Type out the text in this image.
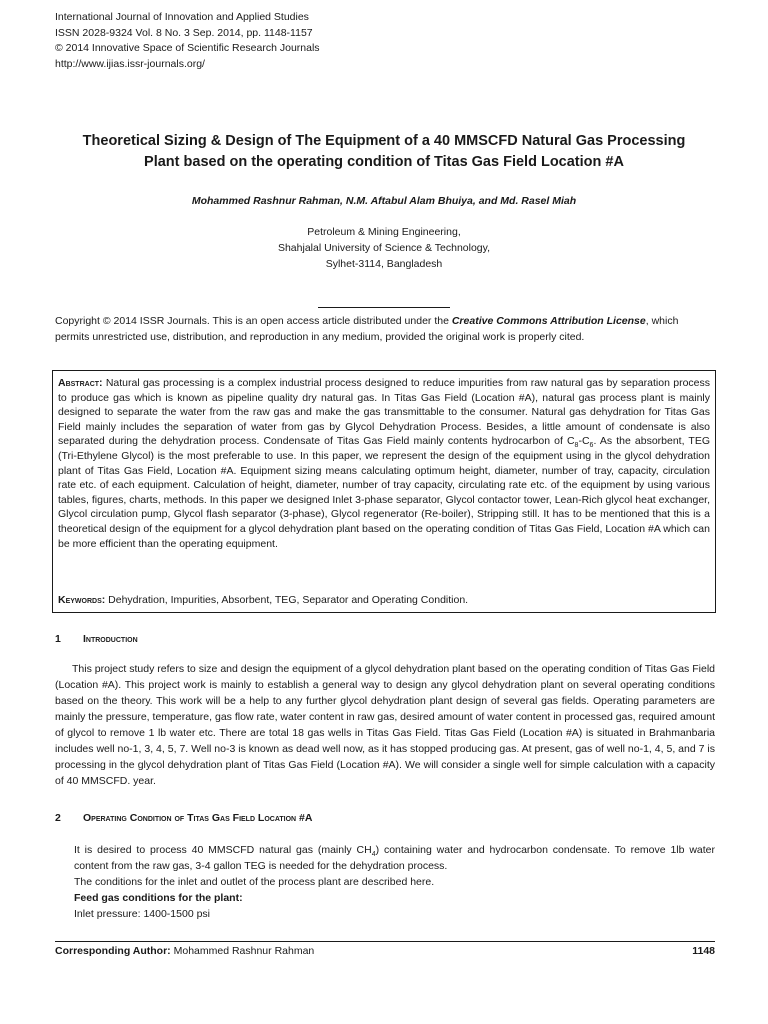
International Journal of Innovation and Applied Studies
ISSN 2028-9324 Vol. 8 No. 3 Sep. 2014, pp. 1148-1157
© 2014 Innovative Space of Scientific Research Journals
http://www.ijias.issr-journals.org/
Theoretical Sizing & Design of The Equipment of a 40 MMSCFD Natural Gas Processing
Plant based on the operating condition of Titas Gas Field Location #A
Mohammed Rashnur Rahman, N.M. Aftabul Alam Bhuiya, and Md. Rasel Miah
Petroleum & Mining Engineering,
Shahjalal University of Science & Technology,
Sylhet-3114, Bangladesh
Copyright © 2014 ISSR Journals. This is an open access article distributed under the Creative Commons Attribution License, which permits unrestricted use, distribution, and reproduction in any medium, provided the original work is properly cited.
Abstract: Natural gas processing is a complex industrial process designed to reduce impurities from raw natural gas by separation process to produce gas which is known as pipeline quality dry natural gas. In Titas Gas Field (Location #A), natural gas process plant is mainly designed to separate the water from the raw gas and make the gas transmittable to the consumer. Natural gas dehydration for Titas Gas Field mainly includes the separation of water from gas by Glycol Dehydration Process. Besides, a little amount of condensate is also separated during the dehydration process. Condensate of Titas Gas Field mainly contents hydrocarbon of $C_8-C_6$. As the absorbent, TEG (Tri-Ethylene Glycol) is the most preferable to use. In this paper, we represent the design of the equipment using in the glycol dehydration plant of Titas Gas Field, Location #A. Equipment sizing means calculating optimum height, diameter, number of tray, capacity, circulation rate etc. of each equipment. Calculation of height, diameter, number of tray capacity, circulating rate etc. of the equipment by using various tables, figures, charts, methods. In this paper we designed Inlet 3-phase separator, Glycol contactor tower, Lean-Rich glycol heat exchanger, Glycol circulation pump, Glycol flash separator (3-phase), Glycol regenerator (Re-boiler), Stripping still. It has to be mentioned that this is a theoretical design of the equipment for a glycol dehydration plant based on the operating condition of Titas Gas Field, Location #A which can be more efficient than the operating equipment.
Keywords: Dehydration, Impurities, Absorbent, TEG, Separator and Operating Condition.
1 Introduction
This project study refers to size and design the equipment of a glycol dehydration plant based on the operating condition of Titas Gas Field (Location #A). This project work is mainly to establish a general way to design any glycol dehydration plant on several operating conditions based on the theory. This work will be a help to any further glycol dehydration plant design of several gas fields. Operating parameters are mainly the pressure, temperature, gas flow rate, water content in raw gas, desired amount of water content in processed gas, required amount of glycol to remove 1 lb water etc. There are total 18 gas wells in Titas Gas Field. Titas Gas Field (Location #A) is situated in Brahmanbaria includes well no-1, 3, 4, 5, 7. Well no-3 is known as dead well now, as it has stopped producing gas. At present, gas of well no-1, 4, 5, and 7 is processing in the glycol dehydration plant of Titas Gas Field (Location #A). We will consider a single well for simple calculation with a capacity of 40 MMSCFD. year.
2 Operating Condition of Titas Gas Field Location #A

It is desired to process 40 MMSCFD natural gas (mainly $CH_4$) containing water and hydrocarbon condensate. To remove 1lb water content from the raw gas, 3-4 gallon TEG is needed for the dehydration process.

The conditions for the inlet and outlet of the process plant are described here.

Feed gas conditions for the plant:

Inlet pressure: 1400-1500 psi

Corresponding Author: Mohammed Rashnur Rahman	1148
